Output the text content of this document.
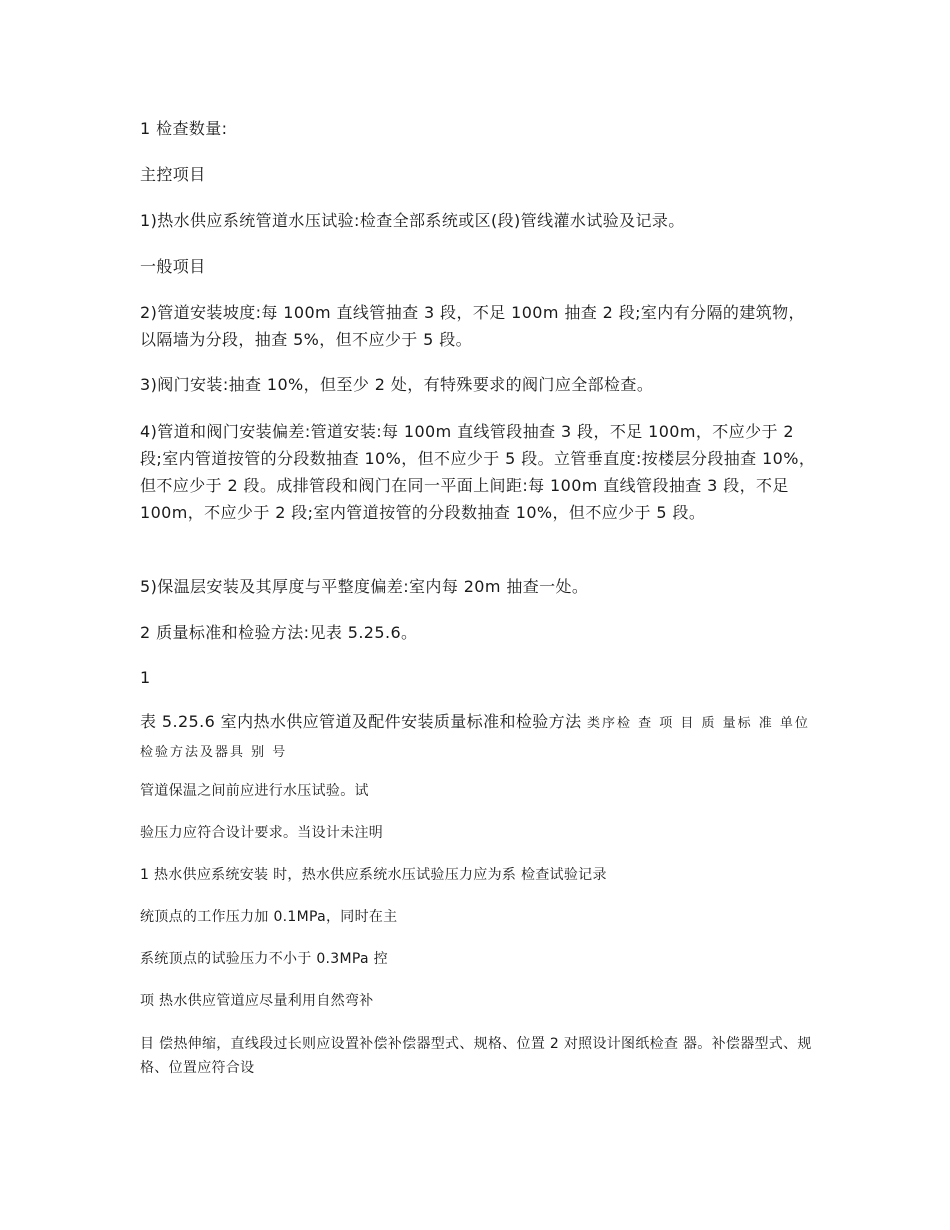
1 检查数量:

主控项目

1)热水供应系统管道水压试验:检查全部系统或区(段)管线灌水试验及记录。

一般项目

2)管道安装坡度:每 100m 直线管抽查 3 段，不足 100m 抽查 2 段;室内有分隔的建筑物，以隔墙为分段，抽查 5%，但不应少于 5 段。

3)阀门安装:抽查 10%，但至少 2 处，有特殊要求的阀门应全部检查。

4)管道和阀门安装偏差:管道安装:每 100m 直线管段抽查 3 段，不足 100m，不应少于 2 段;室内管道按管的分段数抽查 10%，但不应少于 5 段。立管垂直度:按楼层分段抽查 10%，但不应少于 2 段。成排管段和阀门在同一平面上间距:每 100m 直线管段抽查 3 段，不足 100m，不应少于 2 段;室内管道按管的分段数抽查 10%，但不应少于 5 段。

5)保温层安装及其厚度与平整度偏差:室内每 20m 抽查一处。

2 质量标准和检验方法:见表 5.25.6。

1

表 5.25.6 室内热水供应管道及配件安装质量标准和检验方法 类序检 查 项 目 质 量标 准 单位 检验方法及器具 别 号

管道保温之间前应进行水压试验。试

验压力应符合设计要求。当设计未注明

1 热水供应系统安装 时，热水供应系统水压试验压力应为系 检查试验记录

统顶点的工作压力加 0.1MPa，同时在主

系统顶点的试验压力不小于 0.3MPa 控

项 热水供应管道应尽量利用自然弯补

目 偿热伸缩，直线段过长则应设置补偿补偿器型式、规格、位置 2 对照设计图纸检查 器。补偿器型式、规格、位置应符合设
